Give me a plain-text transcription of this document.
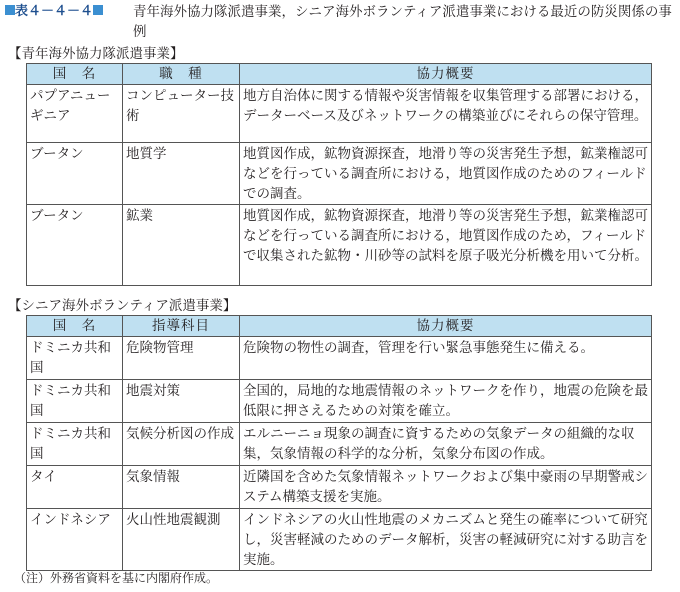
表４－４－４	青年海外協力隊派遣事業，シニア海外ボランティア派遣事業における最近の防災関係の事例
【青年海外協力隊派遣事業】
国　名	職　種	協力概要
パプアニューギニア	コンピューター技術	地方自治体に関する情報や災害情報を収集管理する部署における，データーベース及びネットワークの構築並びにそれらの保守管理。
ブータン	地質学	地質図作成，鉱物資源探査，地滑り等の災害発生予想，鉱業権認可などを行っている調査所における，地質図作成のためのフィールドでの調査。
ブータン	鉱業	地質図作成，鉱物資源探査，地滑り等の災害発生予想，鉱業権認可などを行っている調査所における，地質図作成のため，フィールドで収集された鉱物・川砂等の試料を原子吸光分析機を用いて分析。
【シニア海外ボランティア派遣事業】
国　名	指導科目	協力概要
ドミニカ共和国	危険物管理	危険物の物性の調査，管理を行い緊急事態発生に備える。
ドミニカ共和国	地震対策	全国的，局地的な地震情報のネットワークを作り，地震の危険を最低限に押さえるための対策を確立。
ドミニカ共和国	気候分析図の作成	エルニーニョ現象の調査に資するための気象データの組織的な収集，気象情報の科学的な分析，気象分布図の作成。
タイ	気象情報	近隣国を含めた気象情報ネットワークおよび集中豪雨の早期警戒システム構築支援を実施。
インドネシア	火山性地震観測	インドネシアの火山性地震のメカニズムと発生の確率について研究し，災害軽減のためのデータ解析，災害の軽減研究に対する助言を実施。
（注）外務省資料を基に内閣府作成。
